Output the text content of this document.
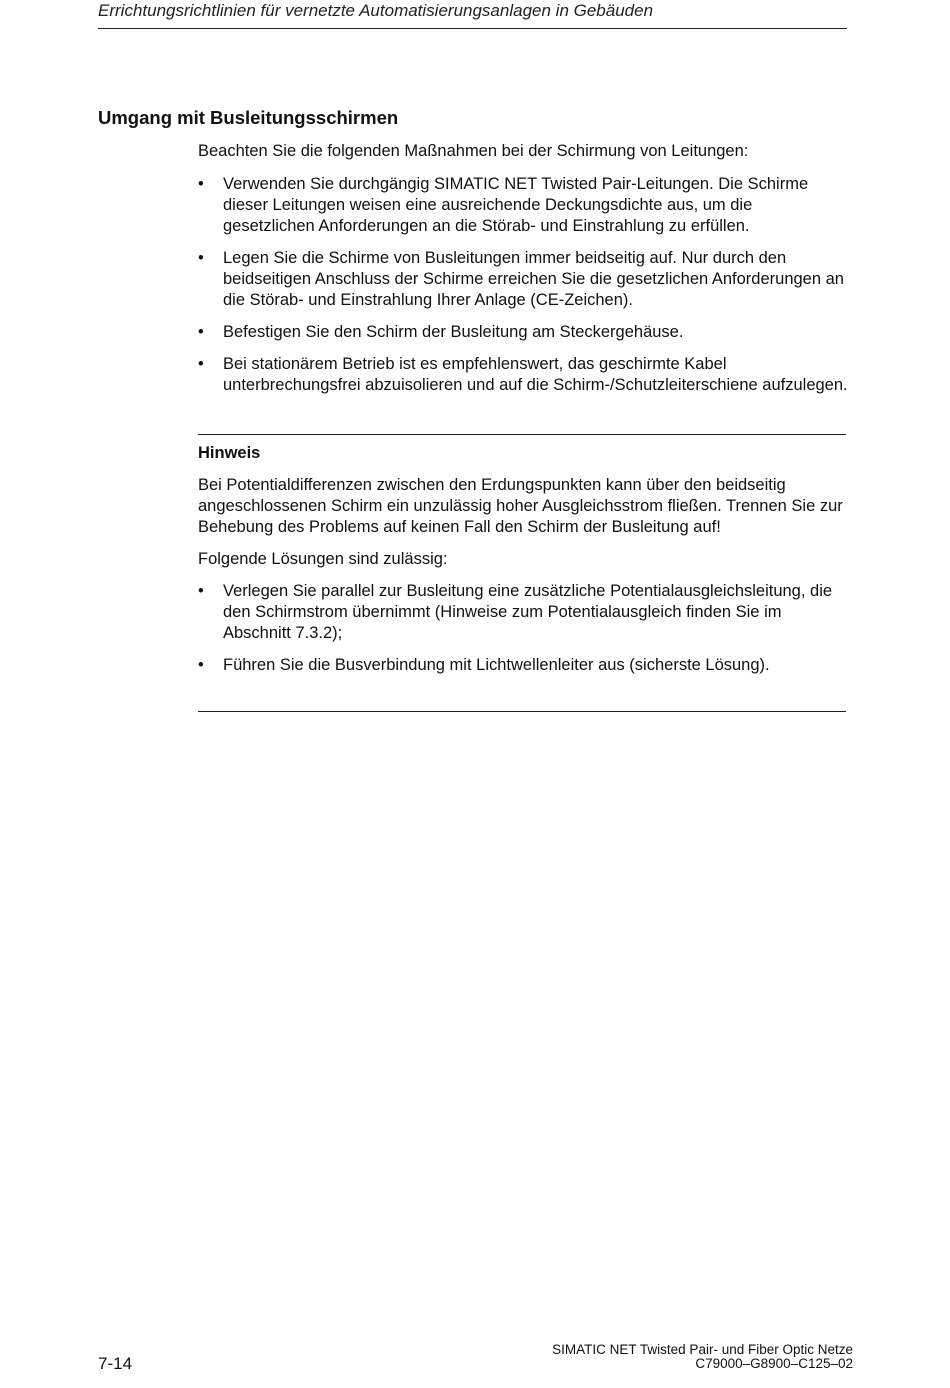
Errichtungsrichtlinien für vernetzte Automatisierungsanlagen in Gebäuden
Umgang mit Busleitungsschirmen

Beachten Sie die folgenden Maßnahmen bei der Schirmung von Leitungen:

•	Verwenden Sie durchgängig SIMATIC NET Twisted Pair-Leitungen. Die Schirme dieser Leitungen weisen eine ausreichende Deckungsdichte aus, um die gesetzlichen Anforderungen an die Störab- und Einstrahlung zu erfüllen.
•	Legen Sie die Schirme von Busleitungen immer beidseitig auf. Nur durch den beidseitigen Anschluss der Schirme erreichen Sie die gesetzlichen Anforderungen an die Störab- und Einstrahlung Ihrer Anlage (CE-Zeichen).
•	Befestigen Sie den Schirm der Busleitung am Steckergehäuse.
•	Bei stationärem Betrieb ist es empfehlenswert, das geschirmte Kabel unterbrechungsfrei abzuisolieren und auf die Schirm-/Schutzleiterschiene aufzulegen.
Hinweis

Bei Potentialdifferenzen zwischen den Erdungspunkten kann über den beidseitig angeschlossenen Schirm ein unzulässig hoher Ausgleichsstrom fließen. Trennen Sie zur Behebung des Problems auf keinen Fall den Schirm der Busleitung auf!

Folgende Lösungen sind zulässig:

•	Verlegen Sie parallel zur Busleitung eine zusätzliche Potentialausgleichsleitung, die den Schirmstrom übernimmt (Hinweise zum Potentialausgleich finden Sie im Abschnitt 7.3.2);
•	Führen Sie die Busverbindung mit Lichtwellenleiter aus (sicherste Lösung).
7-14
SIMATIC NET Twisted Pair- und Fiber Optic Netze
C79000–G8900–C125–02
